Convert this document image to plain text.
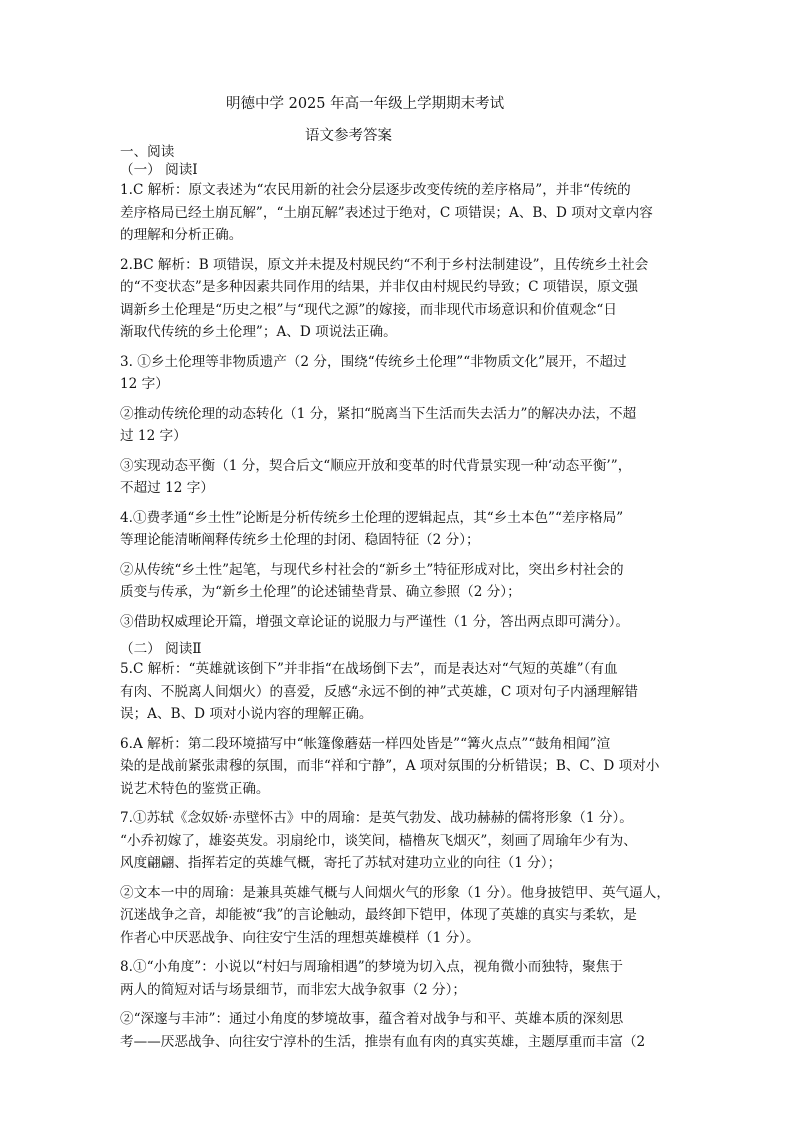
明德中学 2025 年高一年级上学期期末考试
语文参考答案
一、阅读
（一） 阅读Ⅰ
1.C 解析：原文表述为“农民用新的社会分层逐步改变传统的差序格局”，并非“传统的
差序格局已经土崩瓦解”，“土崩瓦解”表述过于绝对，C 项错误；A、B、D 项对文章内容
的理解和分析正确。
2.BC 解析：B 项错误，原文并未提及村规民约“不利于乡村法制建设”，且传统乡土社会
的“不变状态”是多种因素共同作用的结果，并非仅由村规民约导致；C 项错误，原文强
调新乡土伦理是“历史之根”与“现代之源”的嫁接，而非现代市场意识和价值观念“日
渐取代传统的乡土伦理”；A、D 项说法正确。
3. ①乡土伦理等非物质遗产（2 分，围绕“传统乡土伦理”“非物质文化”展开，不超过
12 字）
②推动传统伦理的动态转化（1 分，紧扣“脱离当下生活而失去活力”的解决办法，不超
过 12 字）
③实现动态平衡（1 分，契合后文“顺应开放和变革的时代背景实现一种‘动态平衡’”，
不超过 12 字）
4.①费孝通“乡土性”论断是分析传统乡土伦理的逻辑起点，其“乡土本色”“差序格局”
等理论能清晰阐释传统乡土伦理的封闭、稳固特征（2 分）；
②从传统“乡土性”起笔，与现代乡村社会的“新乡土”特征形成对比，突出乡村社会的
质变与传承，为“新乡土伦理”的论述铺垫背景、确立参照（2 分）；
③借助权威理论开篇，增强文章论证的说服力与严谨性（1 分，答出两点即可满分）。
（二） 阅读Ⅱ
5.C 解析：“英雄就该倒下”并非指“在战场倒下去”，而是表达对“气短的英雄”（有血
有肉、不脱离人间烟火）的喜爱，反感“永远不倒的神”式英雄，C 项对句子内涵理解错
误；A、B、D 项对小说内容的理解正确。
6.A 解析：第二段环境描写中“帐篷像蘑菇一样四处皆是”“篝火点点”“鼓角相闻”渲
染的是战前紧张肃穆的氛围，而非“祥和宁静”，A 项对氛围的分析错误；B、C、D 项对小
说艺术特色的鉴赏正确。
7.①苏轼《念奴娇·赤壁怀古》中的周瑜：是英气勃发、战功赫赫的儒将形象（1 分）。
“小乔初嫁了，雄姿英发。羽扇纶巾，谈笑间，樯橹灰飞烟灭”，刻画了周瑜年少有为、
风度翩翩、指挥若定的英雄气概，寄托了苏轼对建功立业的向往（1 分）；
②文本一中的周瑜：是兼具英雄气概与人间烟火气的形象（1 分）。他身披铠甲、英气逼人，
沉迷战争之音，却能被“我”的言论触动，最终卸下铠甲，体现了英雄的真实与柔软，是
作者心中厌恶战争、向往安宁生活的理想英雄模样（1 分）。
8.①“小角度”：小说以“村妇与周瑜相遇”的梦境为切入点，视角微小而独特，聚焦于
两人的简短对话与场景细节，而非宏大战争叙事（2 分）；
②“深邃与丰沛”：通过小角度的梦境故事，蕴含着对战争与和平、英雄本质的深刻思
考——厌恶战争、向往安宁淳朴的生活，推崇有血有肉的真实英雄，主题厚重而丰富（2
